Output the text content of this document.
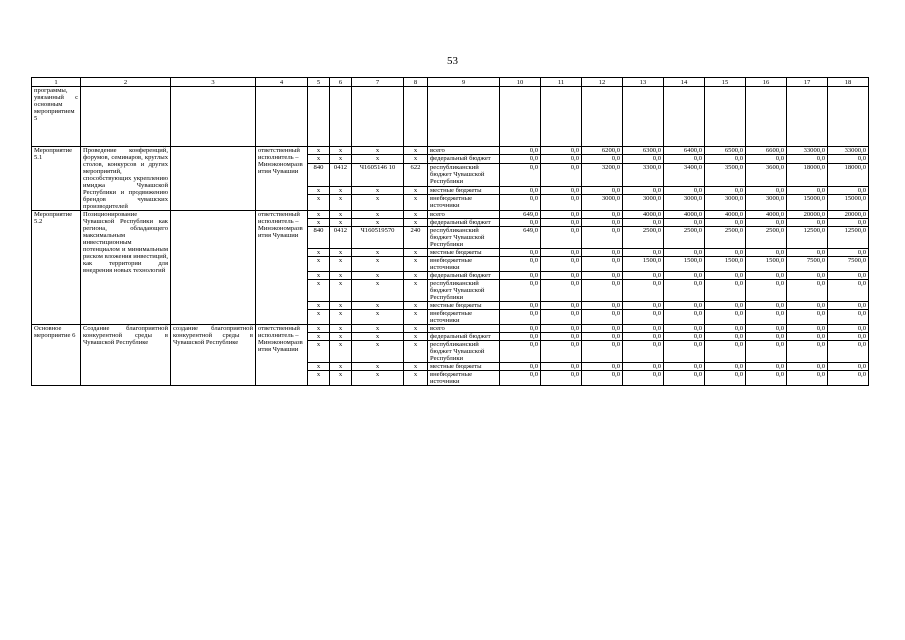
53
1	2	3	4	5	6	7	8	9	10	11	12	13	14	15	16	17	18
программы, увязанный с основным мероприятием 5																	
Мероприятие 5.1	Проведение конференций, форумов, семинаров, круглых столов, конкурсов и других мероприятий, способствующих укреплению имиджа Чувашской Республики и продвижению брендов чувашских производителей		ответственный исполнитель – Минэкономразвития Чувашии	x	x	x	x	всего	0,0	0,0	6200,0	6300,0	6400,0	6500,0	6600,0	33000,0	33000,0
				x	x	x	x	федеральный бюджет	0,0	0,0	0,0	0,0	0,0	0,0	0,0	0,0	0,0
				840	0412	Ч1605146 10	622	республиканский бюджет Чувашской Республики	0,0	0,0	3200,0	3300,0	3400,0	3500,0	3600,0	18000,0	18000,0
				x	x	x	x	местные бюджеты	0,0	0,0	0,0	0,0	0,0	0,0	0,0	0,0	0,0
				x	x	x	x	внебюджетные источники	0,0	0,0	3000,0	3000,0	3000,0	3000,0	3000,0	15000,0	15000,0
Мероприятие 5.2	Позиционирование Чувашской Республики как региона, обладающего максимальным инвестиционным потенциалом и минимальным риском вложения инвестиций, как территории для внедрения новых технологий		ответственный исполнитель – Минэкономразвития Чувашии	x	x	x	x	всего	649,0	0,0	0,0	4000,0	4000,0	4000,0	4000,0	20000,0	20000,0
				x	x	x	x	федеральный бюджет	0,0	0,0	0,0	0,0	0,0	0,0	0,0	0,0	0,0
				840	0412	Ч160519570	240	республиканский бюджет Чувашской Республики	649,0	0,0	0,0	2500,0	2500,0	2500,0	2500,0	12500,0	12500,0
				x	x	x	x	местные бюджеты	0,0	0,0	0,0	0,0	0,0	0,0	0,0	0,0	0,0
				x	x	x	x	внебюджетные источники	0,0	0,0	0,0	1500,0	1500,0	1500,0	1500,0	7500,0	7500,0
				x	x	x	x	федеральный бюджет	0,0	0,0	0,0	0,0	0,0	0,0	0,0	0,0	0,0
				x	x	x	x	республиканский бюджет Чувашской Республики	0,0	0,0	0,0	0,0	0,0	0,0	0,0	0,0	0,0
				x	x	x	x	местные бюджеты	0,0	0,0	0,0	0,0	0,0	0,0	0,0	0,0	0,0
				x	x	x	x	внебюджетные источники	0,0	0,0	0,0	0,0	0,0	0,0	0,0	0,0	0,0
Основное мероприятие 6	Создание благоприятной конкурентной среды в Чувашской Республике	создание благоприятной конкурентной среды в Чувашской Республике	ответственный исполнитель – Минэкономразвития Чувашии	x	x	x	x	всего	0,0	0,0	0,0	0,0	0,0	0,0	0,0	0,0	0,0
				x	x	x	x	федеральный бюджет	0,0	0,0	0,0	0,0	0,0	0,0	0,0	0,0	0,0
				x	x	x	x	республиканский бюджет Чувашской Республики	0,0	0,0	0,0	0,0	0,0	0,0	0,0	0,0	0,0
				x	x	x	x	местные бюджеты	0,0	0,0	0,0	0,0	0,0	0,0	0,0	0,0	0,0
				x	x	x	x	внебюджетные источники	0,0	0,0	0,0	0,0	0,0	0,0	0,0	0,0	0,0
